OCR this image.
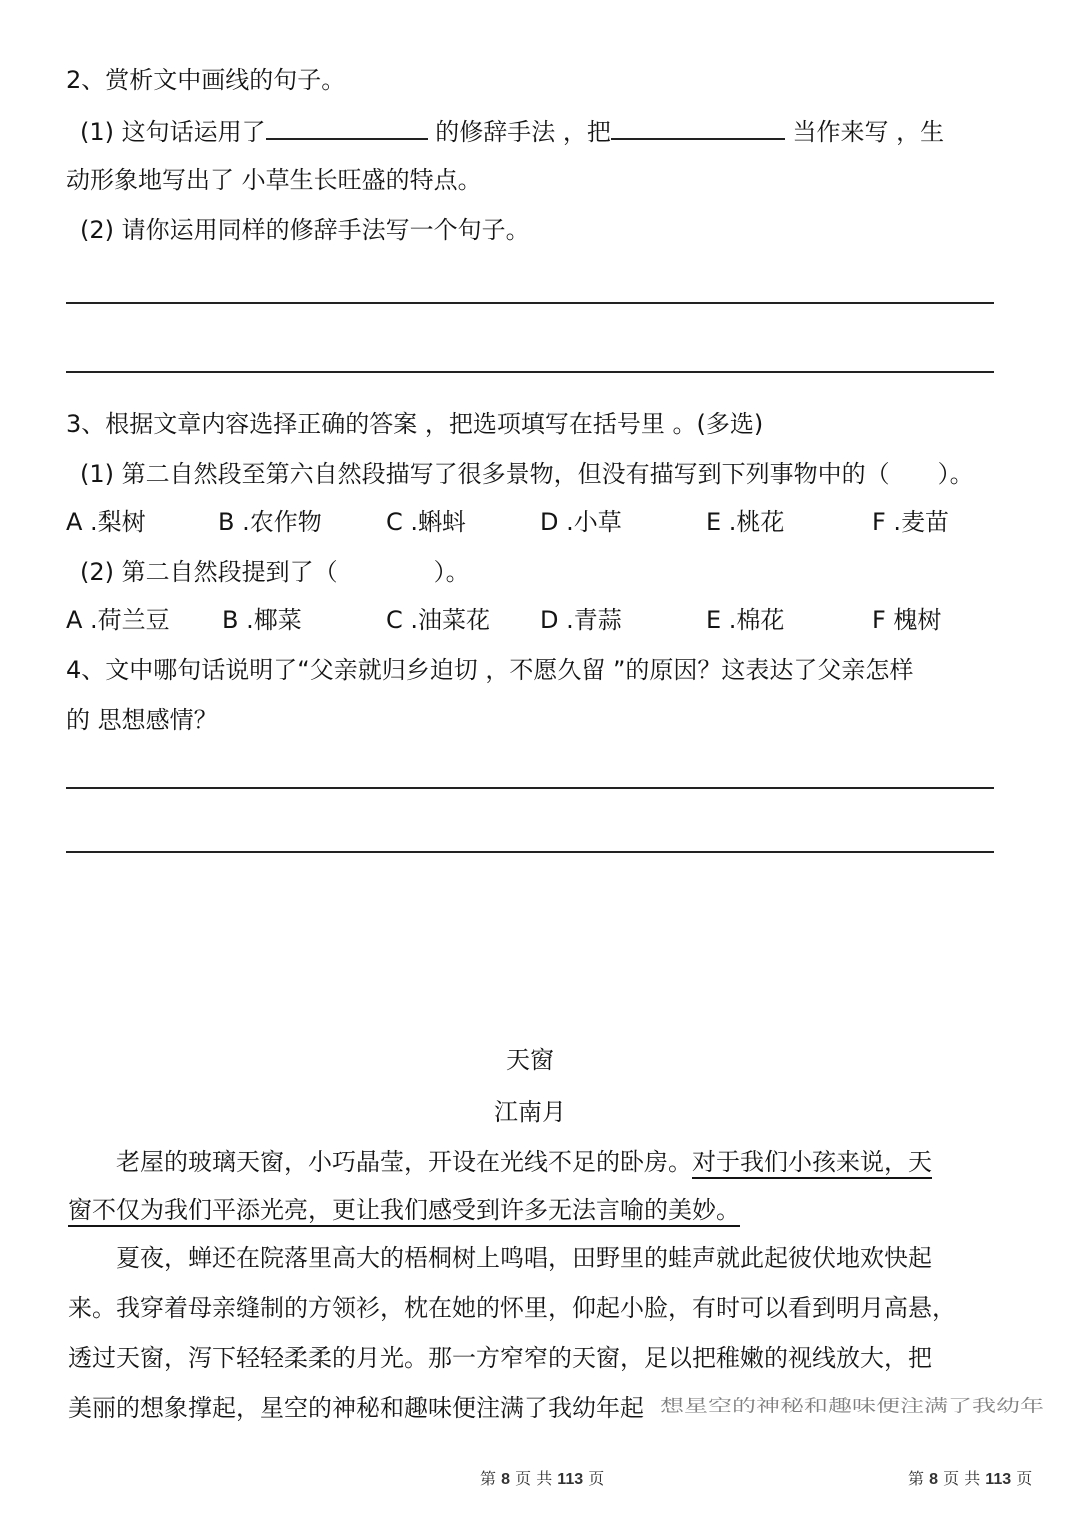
2、赏析文中画线的句子。
(1) 这句话运用了	的修辞手法 ，把	当作来写 ，生
动形象地写出了 小草生长旺盛的特点。
(2) 请你运用同样的修辞手法写一个句子。
3、根据文章内容选择正确的答案 ，把选项填写在括号里 。(多选)
(1) 第二自然段至第六自然段描写了很多景物，但没有描写到下列事物中的（　　）。
A .梨树	B .农作物	C .蝌蚪	D .小草	E .桃花	F .麦苗
(2) 第二自然段提到了（　　　　）。
A .荷兰豆 B .椰菜	C .油菜花 D .青蒜	E .棉花	F 槐树
4、文中哪句话说明了“父亲就归乡迫切 ，不愿久留 ”的原因？这表达了父亲怎样
的 思想感情？
天窗
江南月
老屋的玻璃天窗，小巧晶莹，开设在光线不足的卧房。对于我们小孩来说，天
窗不仅为我们平添光亮，更让我们感受到许多无法言喻的美妙。
夏夜，蝉还在院落里高大的梧桐树上鸣唱，田野里的蛙声就此起彼伏地欢快起
来。我穿着母亲缝制的方领衫，枕在她的怀里，仰起小脸，有时可以看到明月高悬，
透过天窗，泻下轻轻柔柔的月光。那一方窄窄的天窗，足以把稚嫩的视线放大，把
美丽的想象撑起，星空的神秘和趣味便注满了我幼年起 想星空的神秘和趣味便注满了我幼年
第 8 页 共 113 页	第 8 页 共 113 页
